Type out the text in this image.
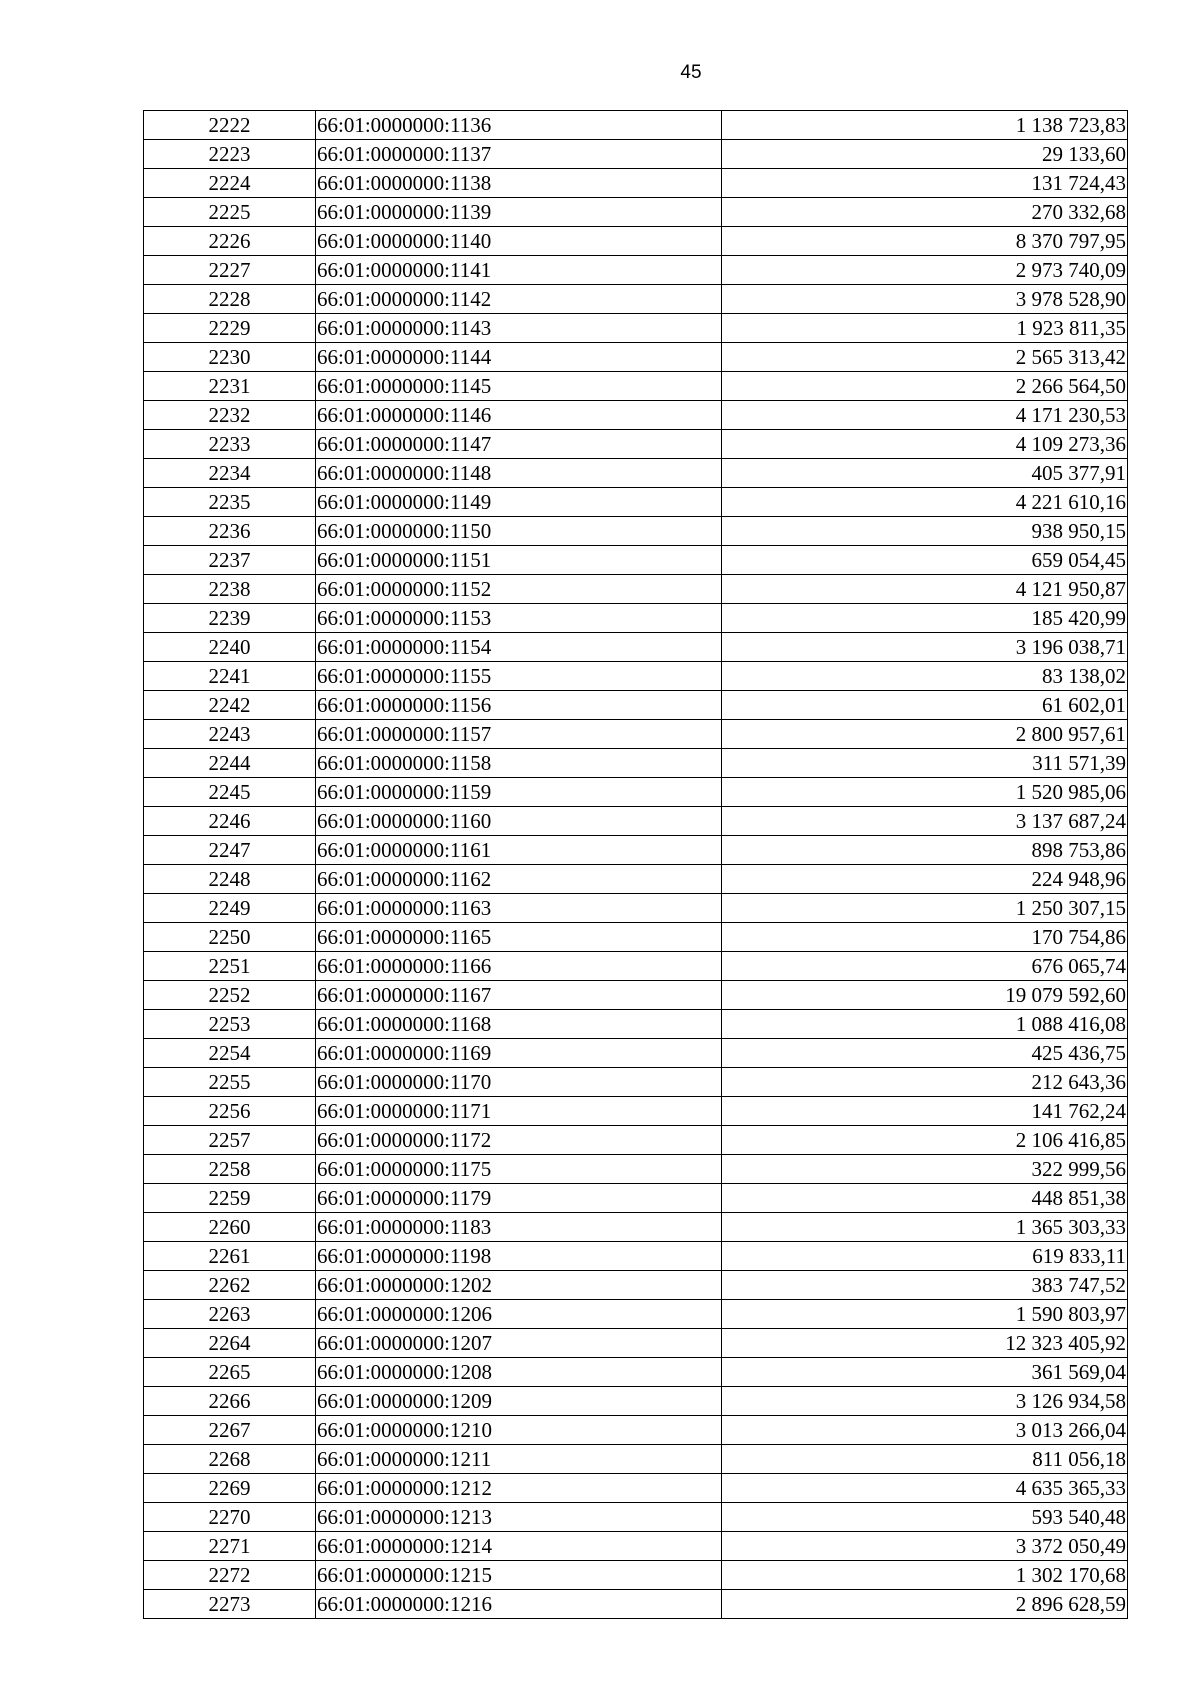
45
2222	66:01:0000000:1136	1 138 723,83
2223	66:01:0000000:1137	29 133,60
2224	66:01:0000000:1138	131 724,43
2225	66:01:0000000:1139	270 332,68
2226	66:01:0000000:1140	8 370 797,95
2227	66:01:0000000:1141	2 973 740,09
2228	66:01:0000000:1142	3 978 528,90
2229	66:01:0000000:1143	1 923 811,35
2230	66:01:0000000:1144	2 565 313,42
2231	66:01:0000000:1145	2 266 564,50
2232	66:01:0000000:1146	4 171 230,53
2233	66:01:0000000:1147	4 109 273,36
2234	66:01:0000000:1148	405 377,91
2235	66:01:0000000:1149	4 221 610,16
2236	66:01:0000000:1150	938 950,15
2237	66:01:0000000:1151	659 054,45
2238	66:01:0000000:1152	4 121 950,87
2239	66:01:0000000:1153	185 420,99
2240	66:01:0000000:1154	3 196 038,71
2241	66:01:0000000:1155	83 138,02
2242	66:01:0000000:1156	61 602,01
2243	66:01:0000000:1157	2 800 957,61
2244	66:01:0000000:1158	311 571,39
2245	66:01:0000000:1159	1 520 985,06
2246	66:01:0000000:1160	3 137 687,24
2247	66:01:0000000:1161	898 753,86
2248	66:01:0000000:1162	224 948,96
2249	66:01:0000000:1163	1 250 307,15
2250	66:01:0000000:1165	170 754,86
2251	66:01:0000000:1166	676 065,74
2252	66:01:0000000:1167	19 079 592,60
2253	66:01:0000000:1168	1 088 416,08
2254	66:01:0000000:1169	425 436,75
2255	66:01:0000000:1170	212 643,36
2256	66:01:0000000:1171	141 762,24
2257	66:01:0000000:1172	2 106 416,85
2258	66:01:0000000:1175	322 999,56
2259	66:01:0000000:1179	448 851,38
2260	66:01:0000000:1183	1 365 303,33
2261	66:01:0000000:1198	619 833,11
2262	66:01:0000000:1202	383 747,52
2263	66:01:0000000:1206	1 590 803,97
2264	66:01:0000000:1207	12 323 405,92
2265	66:01:0000000:1208	361 569,04
2266	66:01:0000000:1209	3 126 934,58
2267	66:01:0000000:1210	3 013 266,04
2268	66:01:0000000:1211	811 056,18
2269	66:01:0000000:1212	4 635 365,33
2270	66:01:0000000:1213	593 540,48
2271	66:01:0000000:1214	3 372 050,49
2272	66:01:0000000:1215	1 302 170,68
2273	66:01:0000000:1216	2 896 628,59
